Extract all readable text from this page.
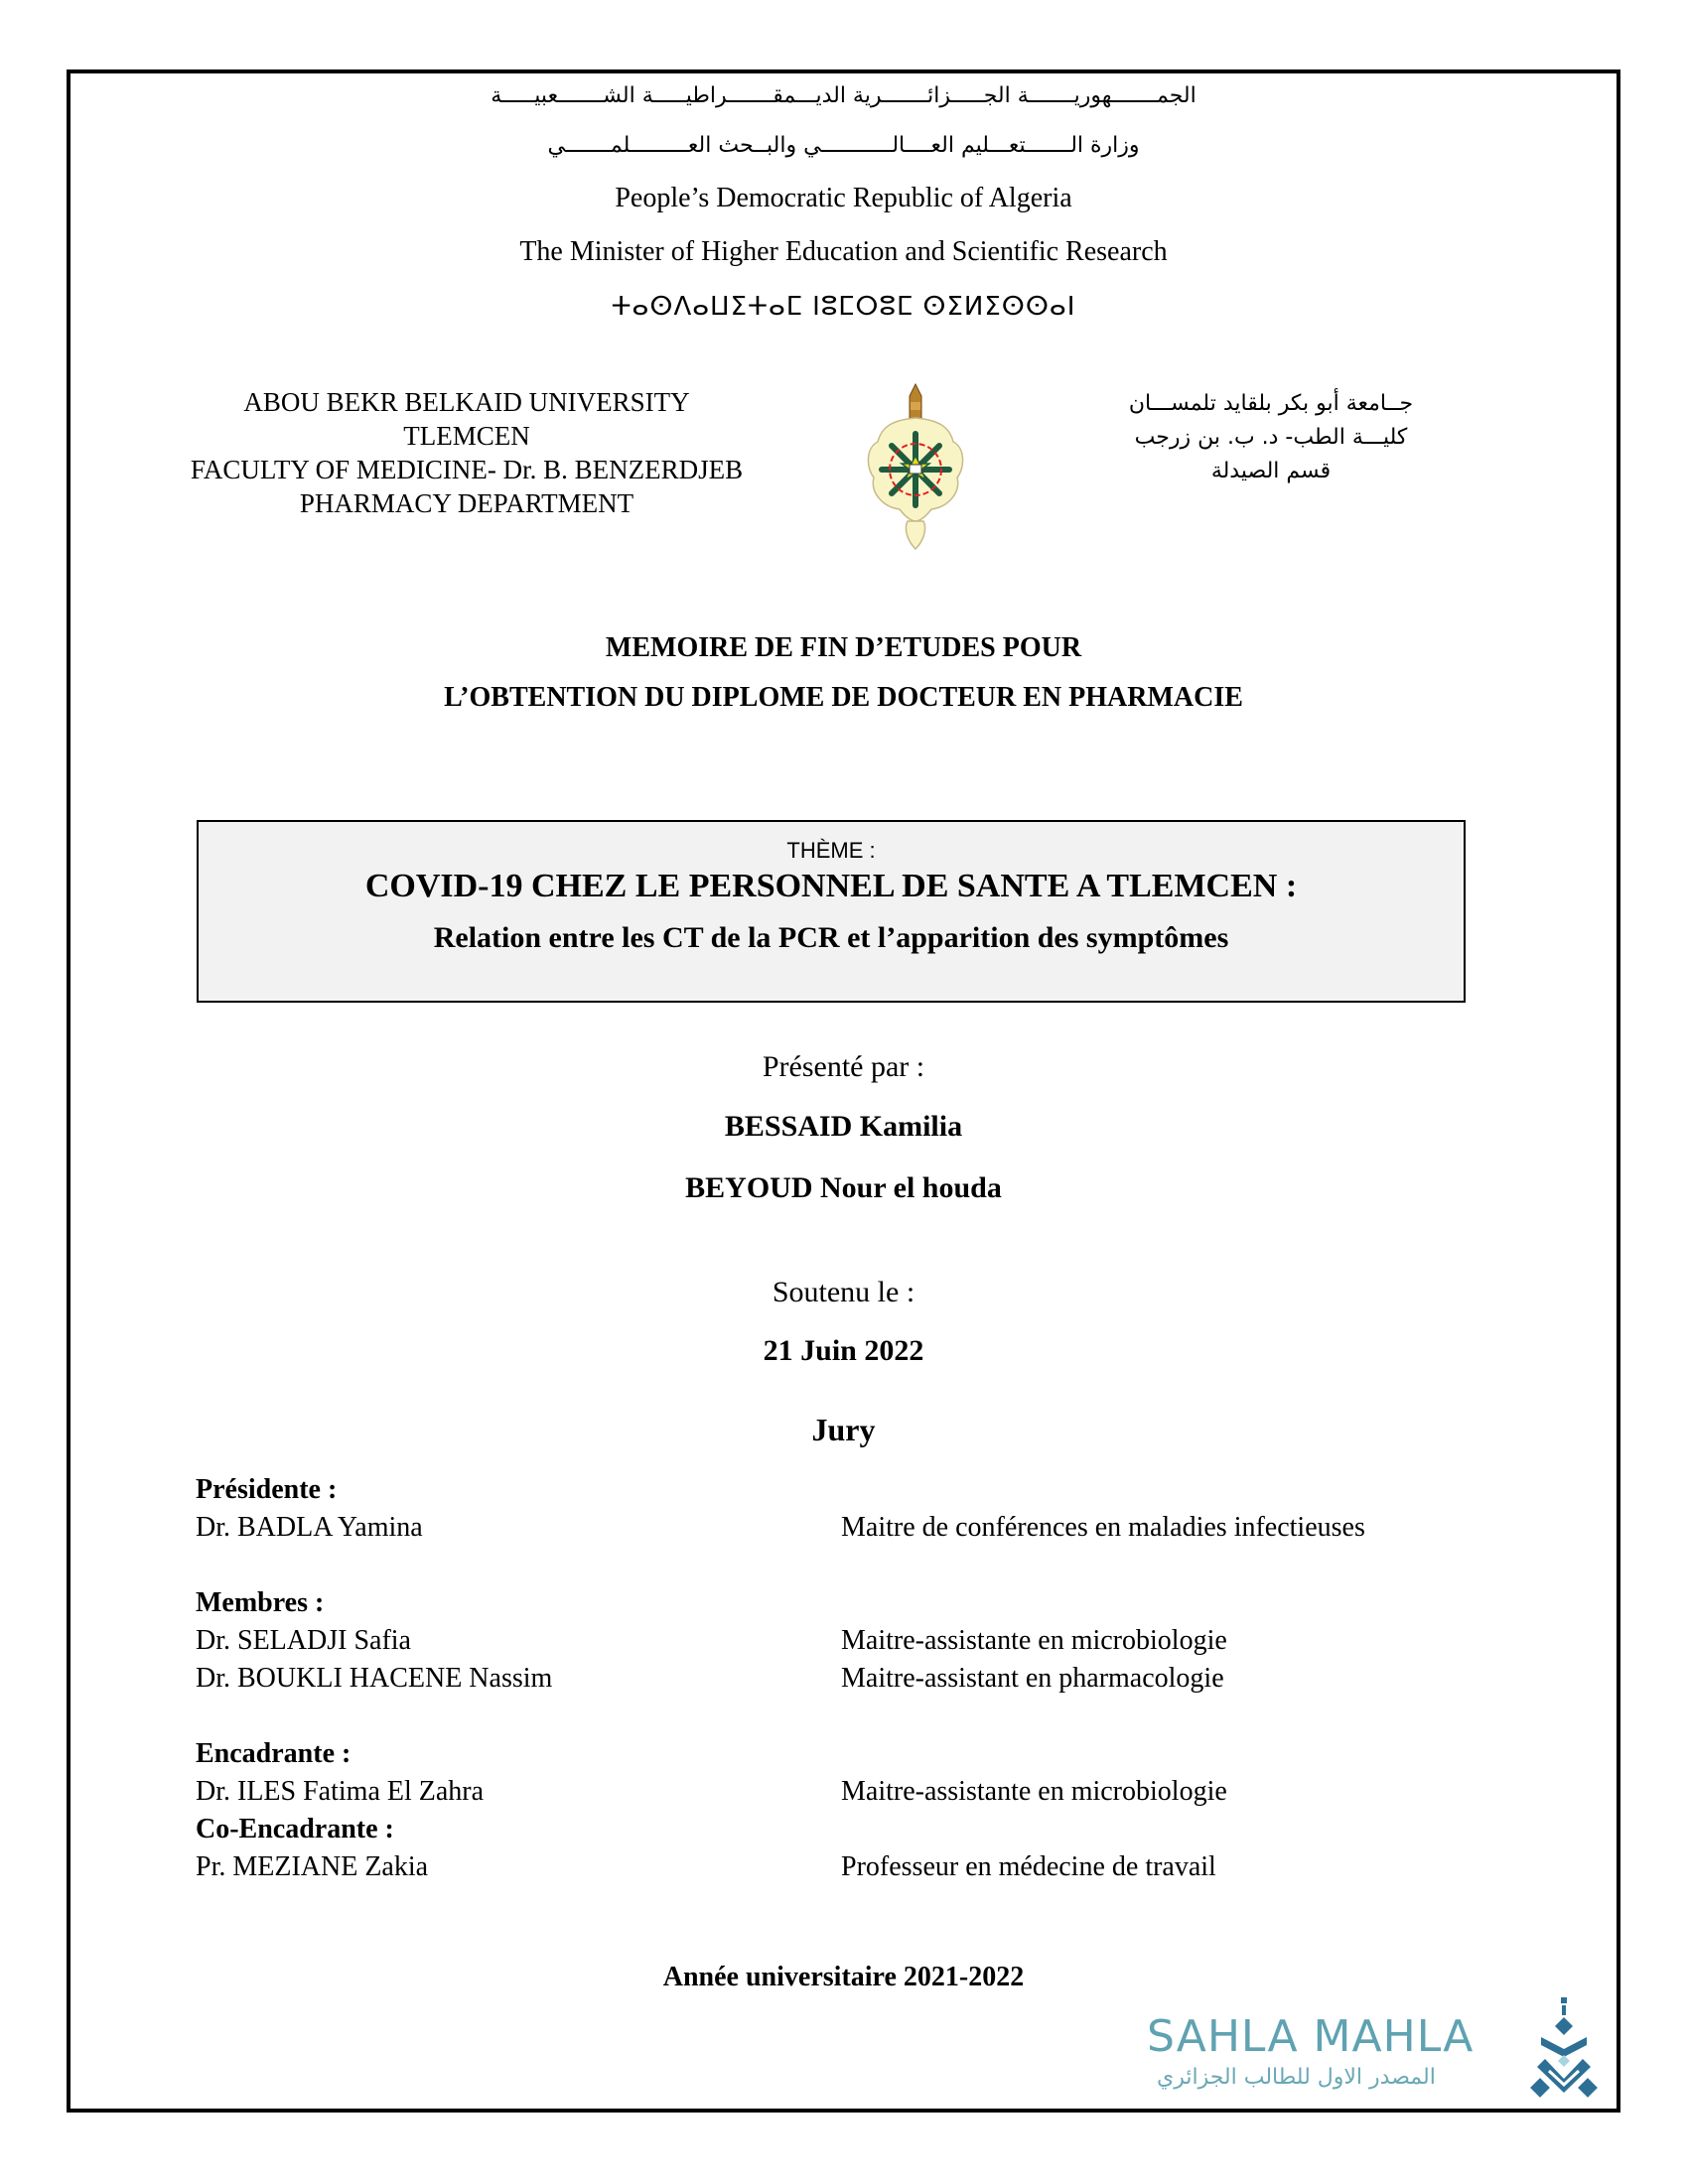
الجمـــــــهوريـــــــة الجـــــزائـــــــرية الديـــمقـــــــراطيـــــة الشـــــــعبيـــــة
وزارة الـــــــتعـــليم العــــالـــــــــــي والبــحث العـــــــــلمـــــــي
People’s Democratic Republic of Algeria
The Minister of Higher Education and Scientific Research
ⵜⴰⵙⴷⴰⵡⵉⵜⴰⵎ ⵏⵓⵎⵔⵓⵎ ⵙⵉⵍⵉⵙⵙⴰⵏ
ABOU BEKR BELKAID UNIVERSITY
TLEMCEN
FACULTY OF MEDICINE- Dr. B. BENZERDJEB
PHARMACY DEPARTMENT
جــامعة أبو بكر بلقايد تلمســـان
كليـــة الطب- د. ب. بن زرجب
قسم الصيدلة
MEMOIRE DE FIN D’ETUDES POUR
L’OBTENTION DU DIPLOME DE DOCTEUR EN PHARMACIE
THÈME :
COVID-19 CHEZ LE PERSONNEL DE SANTE A TLEMCEN :
Relation entre les CT de la PCR et l’apparition des symptômes
Présenté par :
BESSAID Kamilia
BEYOUD Nour el houda
Soutenu le :
21 Juin 2022
Jury
Présidente :
Dr. BADLA Yamina	Maitre de conférences en maladies infectieuses
Membres :
Dr. SELADJI Safia	Maitre-assistante en microbiologie
Dr. BOUKLI HACENE Nassim	Maitre-assistant en pharmacologie
Encadrante :
Dr. ILES Fatima El Zahra	Maitre-assistante en microbiologie
Co-Encadrante :
Pr. MEZIANE Zakia	Professeur en médecine de travail
Année universitaire 2021-2022
SAHLA MAHLA
المصدر الاول للطالب الجزائري
